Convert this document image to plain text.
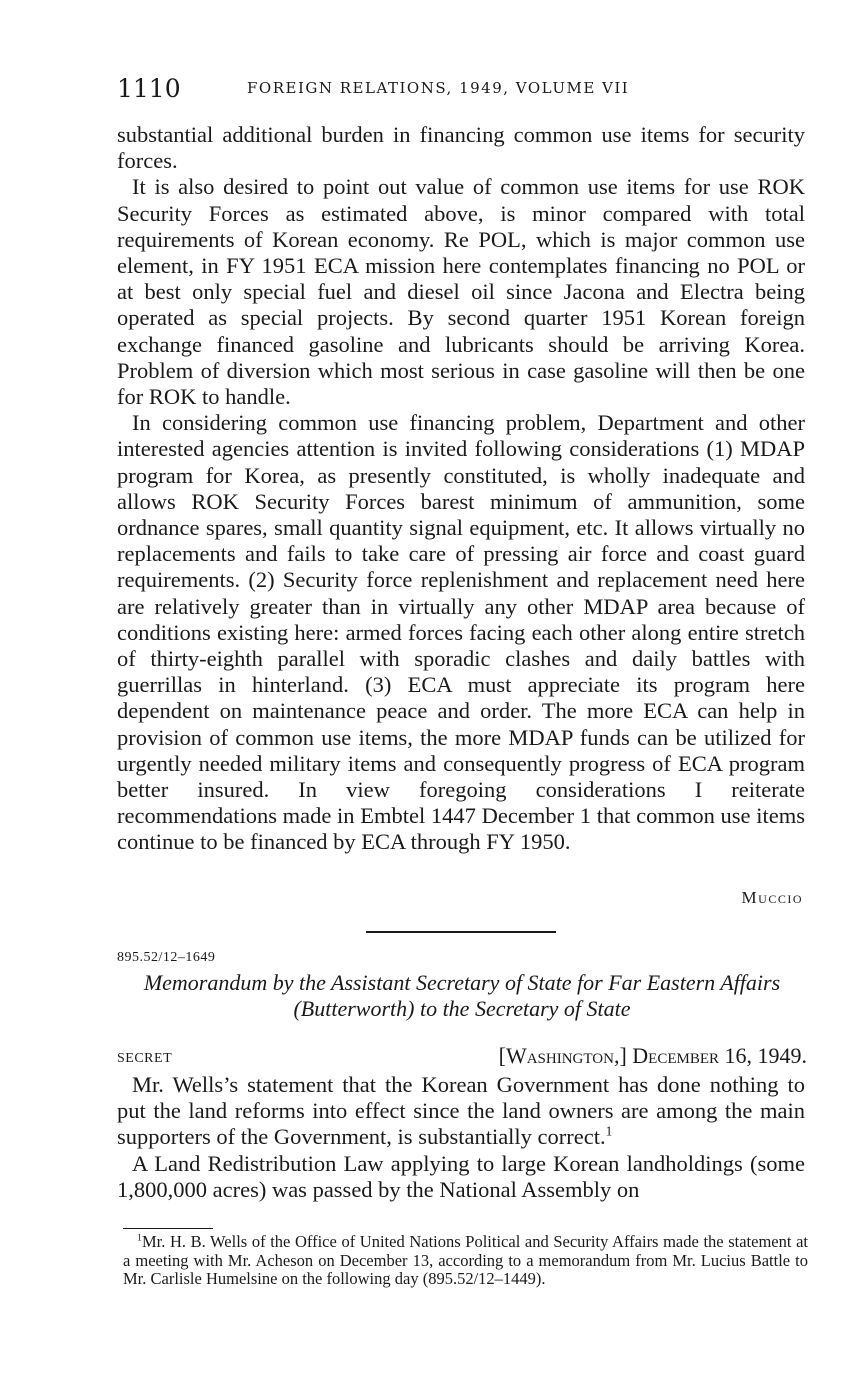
1110	FOREIGN RELATIONS, 1949, VOLUME VII

substantial additional burden in financing common use items for security forces.

It is also desired to point out value of common use items for use ROK Security Forces as estimated above, is minor compared with total requirements of Korean economy. Re POL, which is major common use element, in FY 1951 ECA mission here contemplates financing no POL or at best only special fuel and diesel oil since Jacona and Electra being operated as special projects. By second quarter 1951 Korean foreign exchange financed gasoline and lubricants should be arriving Korea. Problem of diversion which most serious in case gasoline will then be one for ROK to handle.

In considering common use financing problem, Department and other interested agencies attention is invited following considerations (1) MDAP program for Korea, as presently constituted, is wholly inadequate and allows ROK Security Forces barest minimum of ammunition, some ordnance spares, small quantity signal equipment, etc. It allows virtually no replacements and fails to take care of pressing air force and coast guard requirements. (2) Security force replenishment and replacement need here are relatively greater than in virtually any other MDAP area because of conditions existing here: armed forces facing each other along entire stretch of thirty-eighth parallel with sporadic clashes and daily battles with guerrillas in hinterland. (3) ECA must appreciate its program here dependent on maintenance peace and order. The more ECA can help in provision of common use items, the more MDAP funds can be utilized for urgently needed military items and consequently progress of ECA program better insured. In view foregoing considerations I reiterate recommendations made in Embtel 1447 December 1 that common use items continue to be financed by ECA through FY 1950.

Muccio
895.52/12–1649
Memorandum by the Assistant Secretary of State for Far Eastern Affairs (Butterworth) to the Secretary of State
SECRET	[Washington,] December 16, 1949.

Mr. Wells’s statement that the Korean Government has done nothing to put the land reforms into effect since the land owners are among the main supporters of the Government, is substantially correct.$^1$

A Land Redistribution Law applying to large Korean landholdings (some 1,800,000 acres) was passed by the National Assembly on

$^1$Mr. H. B. Wells of the Office of United Nations Political and Security Affairs made the statement at a meeting with Mr. Acheson on December 13, according to a memorandum from Mr. Lucius Battle to Mr. Carlisle Humelsine on the following day (895.52/12–1449).
